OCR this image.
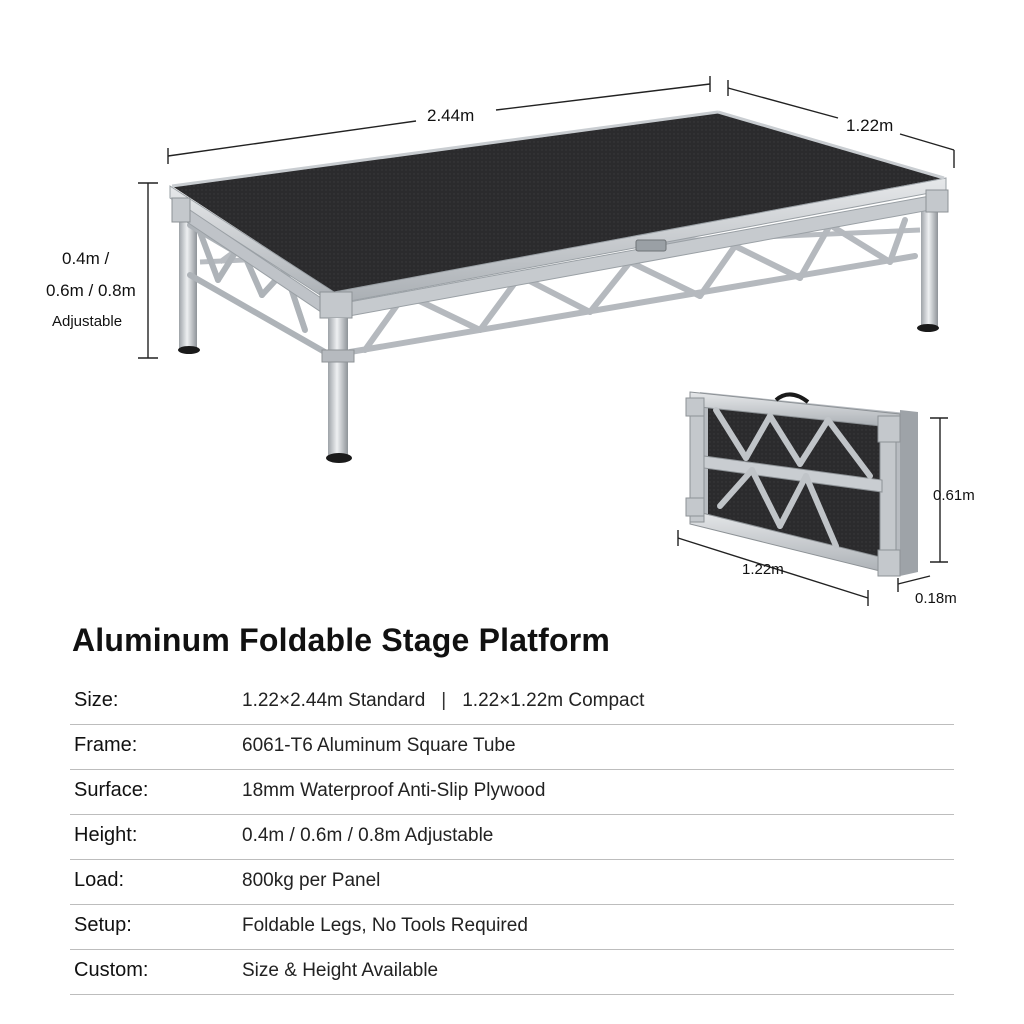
2.44m
1.22m
0.4m /
0.6m / 0.8m
Adjustable
0.61m
1.22m
0.18m
Aluminum Foldable Stage Platform
Size:	1.22×2.44m Standard | 1.22×1.22m Compact
Frame:	6061-T6 Aluminum Square Tube
Surface:	18mm Waterproof Anti-Slip Plywood
Height:	0.4m / 0.6m / 0.8m Adjustable
Load:	800kg per Panel
Setup:	Foldable Legs, No Tools Required
Custom:	Size & Height Available
